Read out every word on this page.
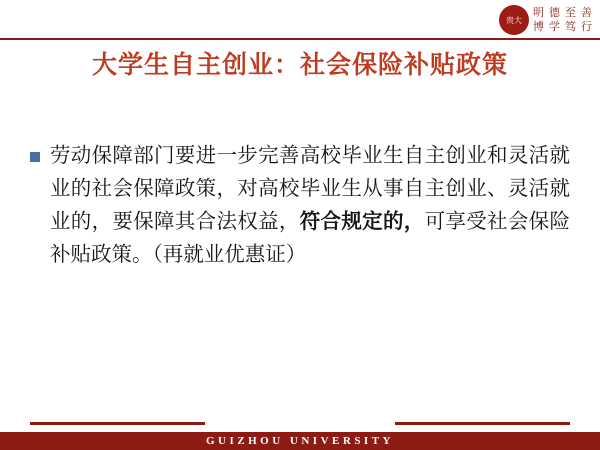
贵大
明 德 至 善
博 学 笃 行
大学生自主创业：社会保险补贴政策
劳动保障部门要进一步完善高校毕业生自主创业和灵活就业的社会保障政策，对高校毕业生从事自主创业、灵活就业的，要保障其合法权益，符合规定的，可享受社会保险补贴政策。（再就业优惠证）
GUIZHOU UNIVERSITY
